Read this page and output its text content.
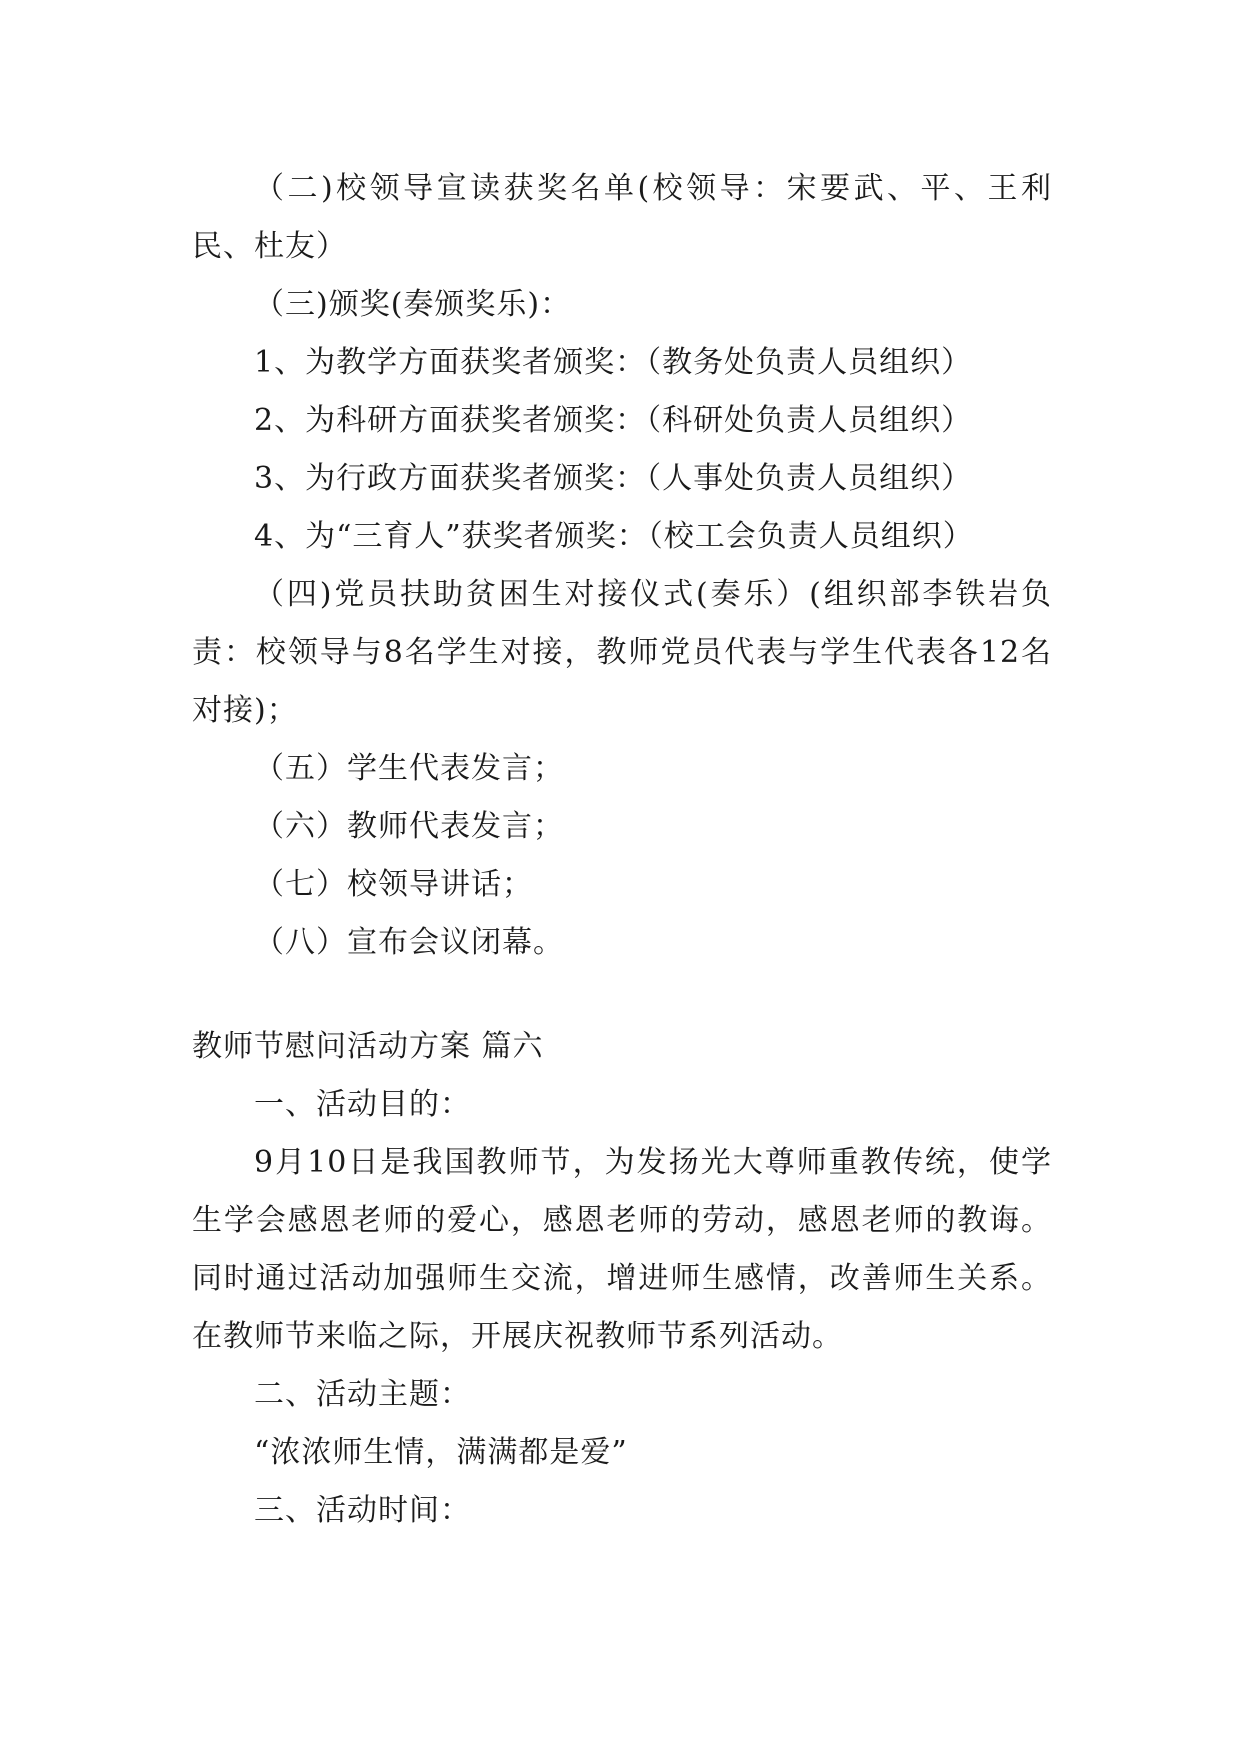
（二)校领导宣读获奖名单(校领导：宋要武、平、王利民、杜友）

（三)颁奖(奏颁奖乐)：

1、为教学方面获奖者颁奖：（教务处负责人员组织）

2、为科研方面获奖者颁奖：（科研处负责人员组织）

3、为行政方面获奖者颁奖：（人事处负责人员组织）

4、为“三育人”获奖者颁奖：（校工会负责人员组织）

（四)党员扶助贫困生对接仪式(奏乐）(组织部李铁岩负责：校领导与8名学生对接，教师党员代表与学生代表各12名对接)；

（五）学生代表发言；

（六）教师代表发言；

（七）校领导讲话；

（八）宣布会议闭幕。

教师节慰问活动方案 篇六

一、活动目的：

9月10日是我国教师节，为发扬光大尊师重教传统，使学生学会感恩老师的爱心，感恩老师的劳动，感恩老师的教诲。同时通过活动加强师生交流，增进师生感情，改善师生关系。在教师节来临之际，开展庆祝教师节系列活动。

二、活动主题：

“浓浓师生情，满满都是爱”

三、活动时间：
